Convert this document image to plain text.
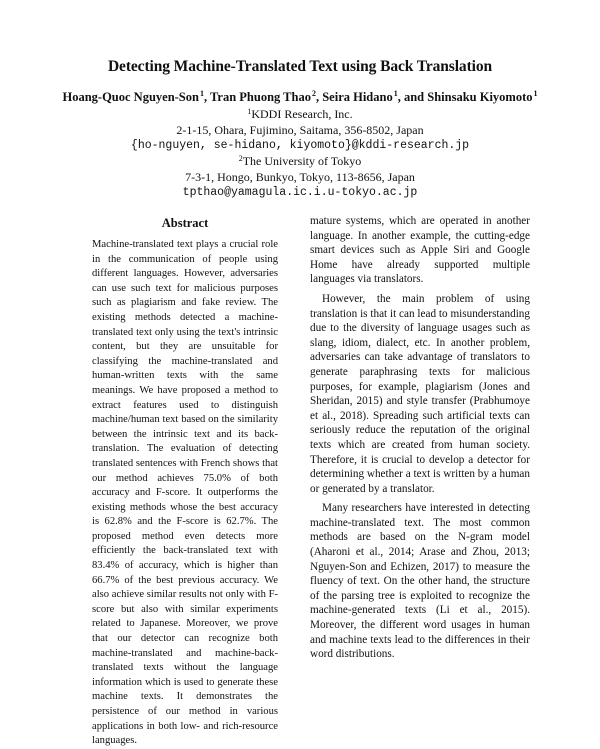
Detecting Machine-Translated Text using Back Translation
Hoang-Quoc Nguyen-Son$^1$, Tran Phuong Thao$^2$, Seira Hidano$^1$, and Shinsaku Kiyomoto$^1$
$^1$KDDI Research, Inc.
2-1-15, Ohara, Fujimino, Saitama, 356-8502, Japan
{ho-nguyen, se-hidano, kiyomoto}@kddi-research.jp
$^2$The University of Tokyo
7-3-1, Hongo, Bunkyo, Tokyo, 113-8656, Japan
tpthao@yamagula.ic.i.u-tokyo.ac.jp
Abstract

Machine-translated text plays a crucial role in the communication of people using different languages. However, adversaries can use such text for malicious purposes such as plagiarism and fake review. The existing methods detected a machine-translated text only using the text's intrinsic content, but they are unsuitable for classifying the machine-translated and human-written texts with the same meanings. We have proposed a method to extract features used to distinguish machine/human text based on the similarity between the intrinsic text and its back-translation. The evaluation of detecting translated sentences with French shows that our method achieves 75.0% of both accuracy and F-score. It outperforms the existing methods whose the best accuracy is 62.8% and the F-score is 62.7%. The proposed method even detects more efficiently the back-translated text with 83.4% of accuracy, which is higher than 66.7% of the best previous accuracy. We also achieve similar results not only with F-score but also with similar experiments related to Japanese. Moreover, we prove that our detector can recognize both machine-translated and machine-back-translated texts without the language information which is used to generate these machine texts. It demonstrates the persistence of our method in various applications in both low- and rich-resource languages.

mature systems, which are operated in another language. In another example, the cutting-edge smart devices such as Apple Siri and Google Home have already supported multiple languages via translators.

However, the main problem of using translation is that it can lead to misunderstanding due to the diversity of language usages such as slang, idiom, dialect, etc. In another problem, adversaries can take advantage of translators to generate paraphrasing texts for malicious purposes, for example, plagiarism (Jones and Sheridan, 2015) and style transfer (Prabhumoye et al., 2018). Spreading such artificial texts can seriously reduce the reputation of the original texts which are created from human society. Therefore, it is crucial to develop a detector for determining whether a text is written by a human or generated by a translator.

Many researchers have interested in detecting machine-translated text. The most common methods are based on the N-gram model (Aharoni et al., 2014; Arase and Zhou, 2013; Nguyen-Son and Echizen, 2017) to measure the fluency of text. On the other hand, the structure of the parsing tree is exploited to recognize the machine-generated texts (Li et al., 2015). Moreover, the different word usages in human and machine texts lead to the differences in their word distributions.
